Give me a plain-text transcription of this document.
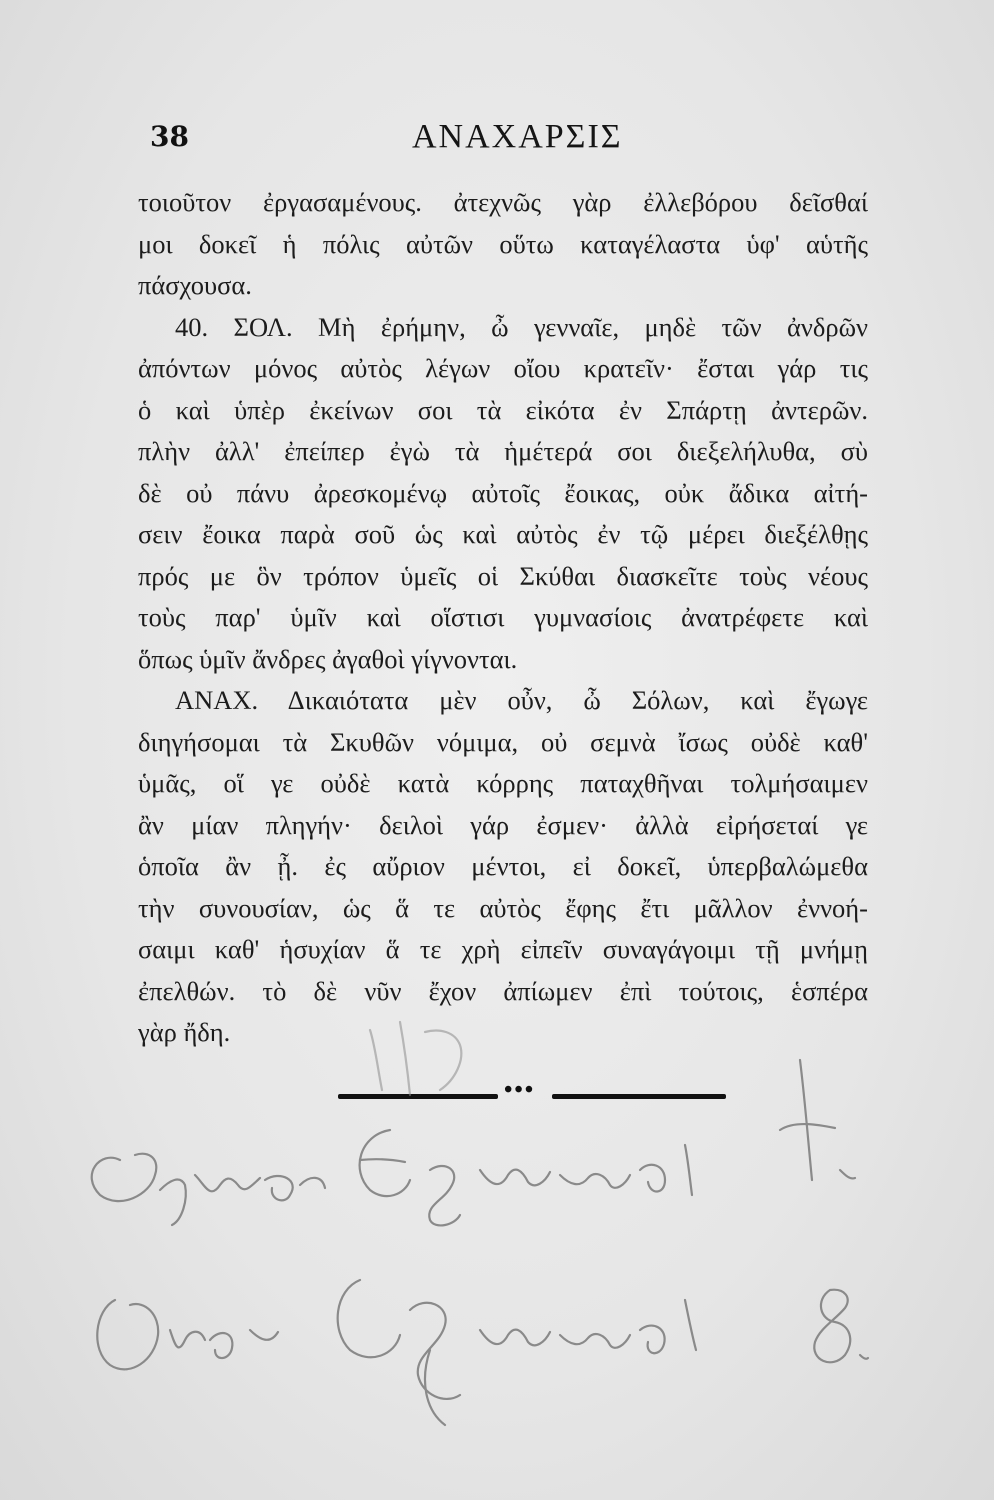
38	ΑΝΑΧΑΡΣΙΣ
τοιοῦτον ἐργασαμένους. ἀτεχνῶς γὰρ ἐλλεβόρου δεῖσθαί
μοι δοκεῖ ἡ πόλις αὐτῶν οὕτω καταγέλαστα ὑφ' αὑτῆς
πάσχουσα.
40. ΣΟΛ. Μὴ ἐρήμην, ὦ γενναῖε, μηδὲ τῶν ἀνδρῶν
ἀπόντων μόνος αὐτὸς λέγων οἴου κρατεῖν· ἔσται γάρ τις
ὁ καὶ ὑπὲρ ἐκείνων σοι τὰ εἰκότα ἐν Σπάρτῃ ἀντερῶν.
πλὴν ἀλλ' ἐπείπερ ἐγὼ τὰ ἡμέτερά σοι διεξελήλυθα, σὺ
δὲ οὐ πάνυ ἀρεσκομένῳ αὐτοῖς ἔοικας, οὐκ ἄδικα αἰτή-
σειν ἔοικα παρὰ σοῦ ὡς καὶ αὐτὸς ἐν τῷ μέρει διεξέλθῃς
πρός με ὃν τρόπον ὑμεῖς οἱ Σκύθαι διασκεῖτε τοὺς νέους
τοὺς παρ' ὑμῖν καὶ οἵστισι γυμνασίοις ἀνατρέφετε καὶ
ὅπως ὑμῖν ἄνδρες ἀγαθοὶ γίγνονται.
ΑΝΑΧ. Δικαιότατα μὲν οὖν, ὦ Σόλων, καὶ ἔγωγε
διηγήσομαι τὰ Σκυθῶν νόμιμα, οὐ σεμνὰ ἴσως οὐδὲ καθ'
ὑμᾶς, οἵ γε οὐδὲ κατὰ κόρρης παταχθῆναι τολμήσαιμεν
ἂν μίαν πληγήν· δειλοὶ γάρ ἐσμεν· ἀλλὰ εἰρήσεταί γε
ὁποῖα ἂν ᾖ. ἐς αὔριον μέντοι, εἰ δοκεῖ, ὑπερβαλώμεθα
τὴν συνουσίαν, ὡς ἅ τε αὐτὸς ἔφης ἔτι μᾶλλον ἐννοή-
σαιμι καθ' ἡσυχίαν ἅ τε χρὴ εἰπεῖν συναγάγοιμι τῇ μνήμῃ
ἐπελθών. τὸ δὲ νῦν ἔχον ἀπίωμεν ἐπὶ τούτοις, ἑσπέρα
γὰρ ἤδη.
•••
